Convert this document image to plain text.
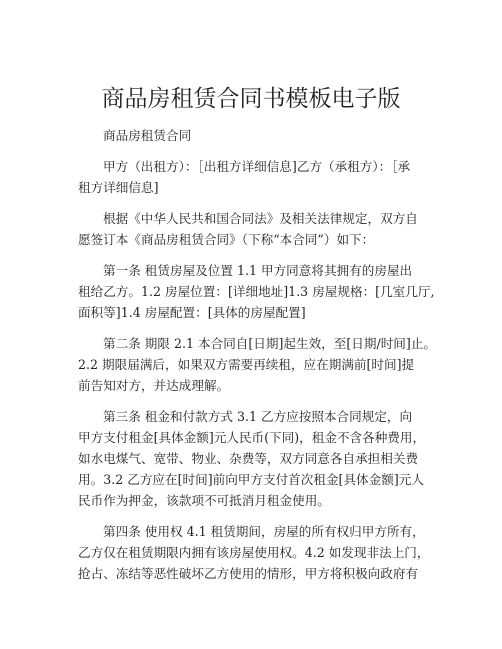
商品房租赁合同书模板电子版

商品房租赁合同

甲方（出租方）：［出租方详细信息]乙方（承租方）：［承

租方详细信息]

根据《中华人民共和国合同法》及相关法律规定，双方自

愿签订本《商品房租赁合同》（下称“本合同”）如下：

第一条 租赁房屋及位置 1.1 甲方同意将其拥有的房屋出

租给乙方。1.2 房屋位置：[详细地址]1.3 房屋规格：[几室几厅,

面积等]1.4 房屋配置：[具体的房屋配置]

第二条 期限 2.1 本合同自[日期]起生效，至[日期/时间]止。

2.2 期限届满后，如果双方需要再续租，应在期满前[时间]提

前告知对方，并达成理解。

第三条 租金和付款方式 3.1 乙方应按照本合同规定，向

甲方支付租金[具体金额]元人民币(下同)，租金不含各种费用，

如水电煤气、宽带、物业、杂费等，双方同意各自承担相关费

用。3.2 乙方应在[时间]前向甲方支付首次租金[具体金额]元人

民币作为押金，该款项不可抵消月租金使用。

第四条 使用权 4.1 租赁期间，房屋的所有权归甲方所有，

乙方仅在租赁期限内拥有该房屋使用权。4.2 如发现非法上门，

抢占、冻结等恶性破坏乙方使用的情形，甲方将积极向政府有
